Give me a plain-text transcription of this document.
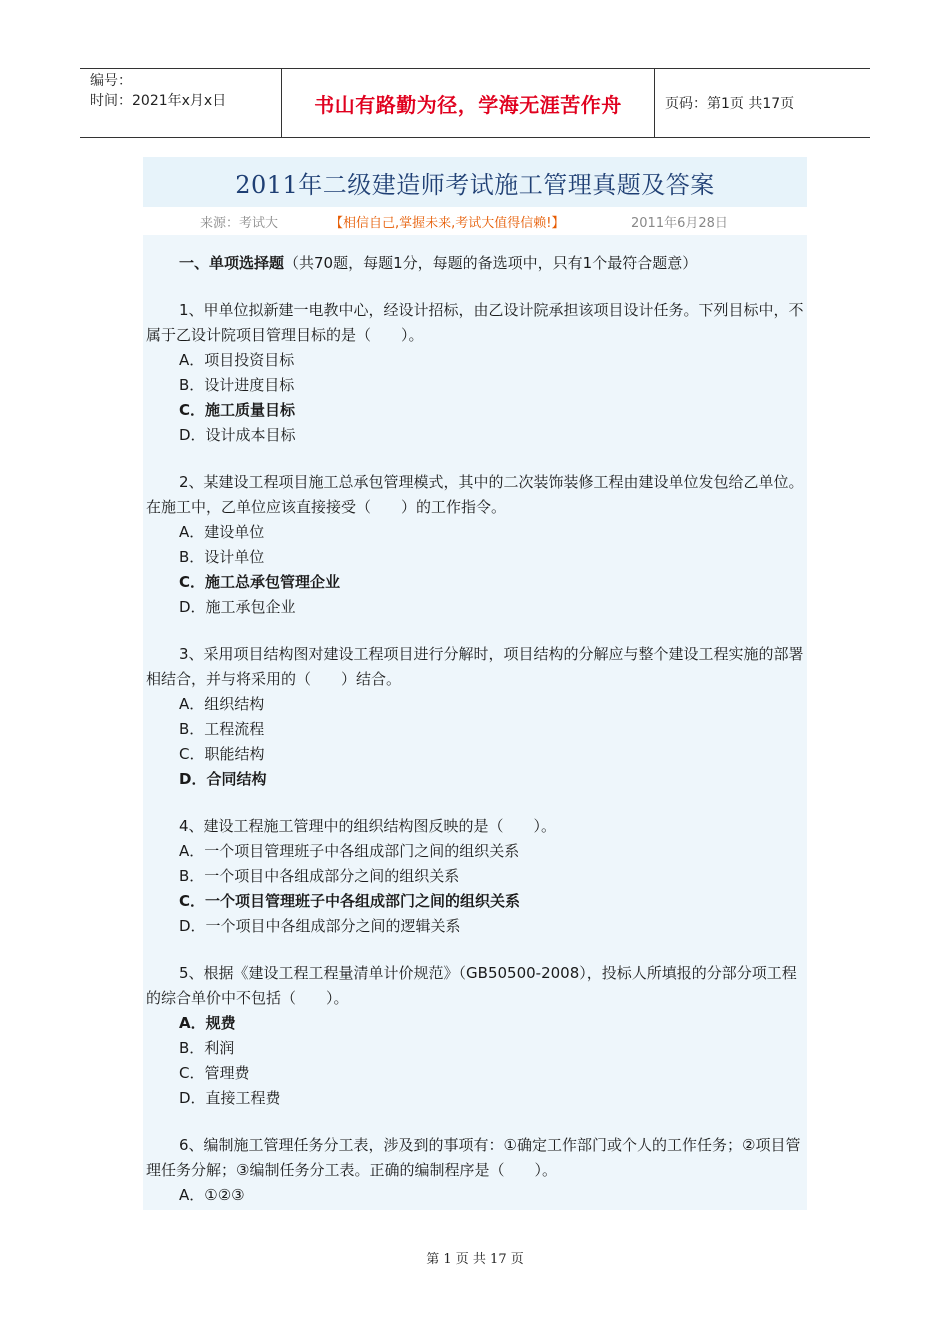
编号：
时间：2021年x月x日	书山有路勤为径，学海无涯苦作舟	页码：第1页 共17页
2011年二级建造师考试施工管理真题及答案
来源：考试大	【相信自己,掌握未来,考试大值得信赖!】	2011年6月28日
一、单项选择题（共70题，每题1分，每题的备选项中，只有1个最符合题意）
1、甲单位拟新建一电教中心，经设计招标，由乙设计院承担该项目设计任务。下列目标中，不属于乙设计院项目管理目标的是（　　）。
A．项目投资目标
B．设计进度目标
C．施工质量目标
D．设计成本目标
2、某建设工程项目施工总承包管理模式，其中的二次装饰装修工程由建设单位发包给乙单位。在施工中，乙单位应该直接接受（　　）的工作指令。
A．建设单位
B．设计单位
C．施工总承包管理企业
D．施工承包企业
3、采用项目结构图对建设工程项目进行分解时，项目结构的分解应与整个建设工程实施的部署相结合，并与将采用的（　　）结合。
A．组织结构
B．工程流程
C．职能结构
D．合同结构
4、建设工程施工管理中的组织结构图反映的是（　　）。
A．一个项目管理班子中各组成部门之间的组织关系
B．一个项目中各组成部分之间的组织关系
C．一个项目管理班子中各组成部门之间的组织关系
D．一个项目中各组成部分之间的逻辑关系
5、根据《建设工程工程量清单计价规范》（GB50500-2008），投标人所填报的分部分项工程的综合单价中不包括（　　）。
A．规费
B．利润
C．管理费
D．直接工程费
6、编制施工管理任务分工表，涉及到的事项有：①确定工作部门或个人的工作任务；②项目管理任务分解；③编制任务分工表。正确的编制程序是（　　）。
A．①②③
第 1 页 共 17 页
